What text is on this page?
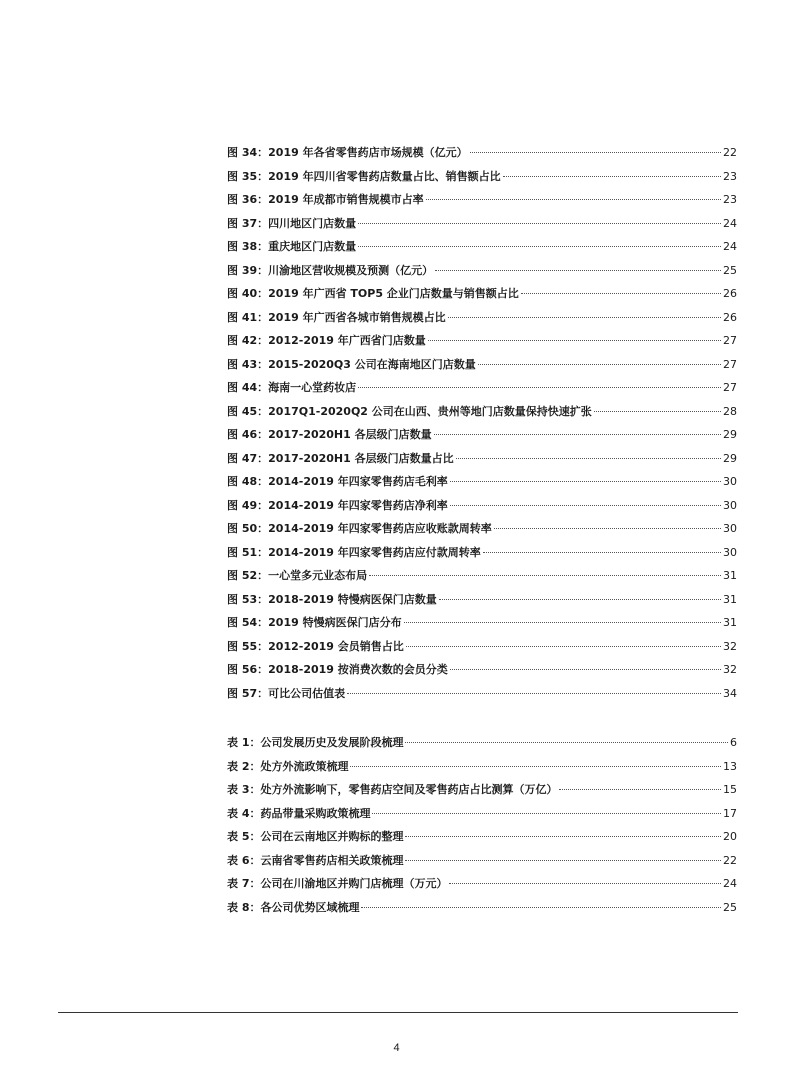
图 34：2019 年各省零售药店市场规模（亿元）	22
图 35：2019 年四川省零售药店数量占比、销售额占比	23
图 36：2019 年成都市销售规模市占率	23
图 37：四川地区门店数量	24
图 38：重庆地区门店数量	24
图 39：川渝地区营收规模及预测（亿元）	25
图 40：2019 年广西省 TOP5 企业门店数量与销售额占比	26
图 41：2019 年广西省各城市销售规模占比	26
图 42：2012-2019 年广西省门店数量	27
图 43：2015-2020Q3 公司在海南地区门店数量	27
图 44：海南一心堂药妆店	27
图 45：2017Q1-2020Q2 公司在山西、贵州等地门店数量保持快速扩张	28
图 46：2017-2020H1 各层级门店数量	29
图 47：2017-2020H1 各层级门店数量占比	29
图 48：2014-2019 年四家零售药店毛利率	30
图 49：2014-2019 年四家零售药店净利率	30
图 50：2014-2019 年四家零售药店应收账款周转率	30
图 51：2014-2019 年四家零售药店应付款周转率	30
图 52：一心堂多元业态布局	31
图 53：2018-2019 特慢病医保门店数量	31
图 54：2019 特慢病医保门店分布	31
图 55：2012-2019 会员销售占比	32
图 56：2018-2019 按消费次数的会员分类	32
图 57：可比公司估值表	34
表 1：公司发展历史及发展阶段梳理	6
表 2：处方外流政策梳理	13
表 3：处方外流影响下，零售药店空间及零售药店占比测算（万亿）	15
表 4：药品带量采购政策梳理	17
表 5：公司在云南地区并购标的整理	20
表 6：云南省零售药店相关政策梳理	22
表 7：公司在川渝地区并购门店梳理（万元）	24
表 8：各公司优势区域梳理	25
4
